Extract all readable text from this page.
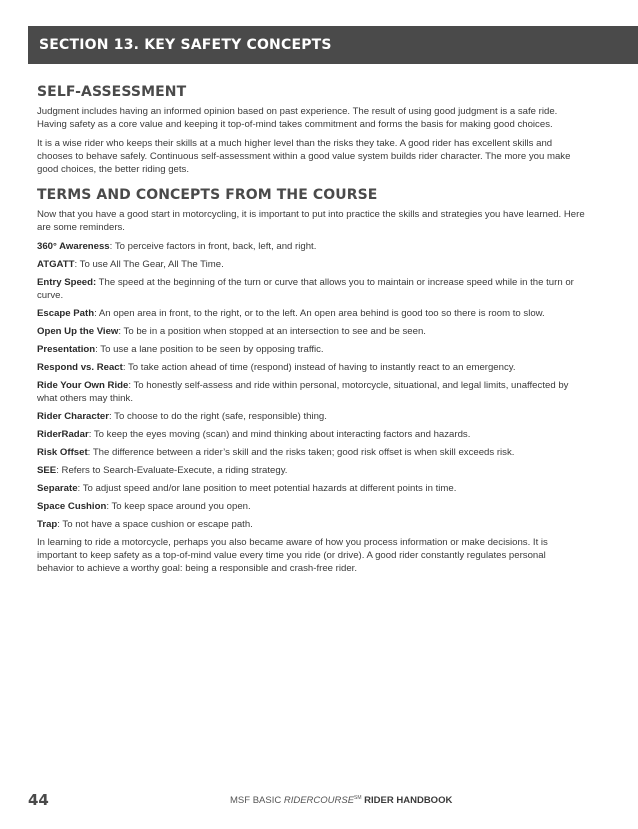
SECTION 13. KEY SAFETY CONCEPTS
SELF-ASSESSMENT

Judgment includes having an informed opinion based on past experience. The result of using good judgment is a safe ride. Having safety as a core value and keeping it top-of-mind takes commitment and forms the basis for making good choices.

It is a wise rider who keeps their skills at a much higher level than the risks they take. A good rider has excellent skills and chooses to behave safely. Continuous self-assessment within a good value system builds rider character. The more you make good choices, the better riding gets.

TERMS AND CONCEPTS FROM THE COURSE

Now that you have a good start in motorcycling, it is important to put into practice the skills and strategies you have learned. Here are some reminders.

360° Awareness: To perceive factors in front, back, left, and right.

ATGATT: To use All The Gear, All The Time.

Entry Speed: The speed at the beginning of the turn or curve that allows you to maintain or increase speed while in the turn or curve.

Escape Path: An open area in front, to the right, or to the left. An open area behind is good too so there is room to slow.

Open Up the View: To be in a position when stopped at an intersection to see and be seen.

Presentation: To use a lane position to be seen by opposing traffic.

Respond vs. React: To take action ahead of time (respond) instead of having to instantly react to an emergency.

Ride Your Own Ride: To honestly self-assess and ride within personal, motorcycle, situational, and legal limits, unaffected by what others may think.

Rider Character: To choose to do the right (safe, responsible) thing.

RiderRadar: To keep the eyes moving (scan) and mind thinking about interacting factors and hazards.

Risk Offset: The difference between a rider’s skill and the risks taken; good risk offset is when skill exceeds risk.

SEE: Refers to Search-Evaluate-Execute, a riding strategy.

Separate: To adjust speed and/or lane position to meet potential hazards at different points in time.

Space Cushion: To keep space around you open.

Trap: To not have a space cushion or escape path.

In learning to ride a motorcycle, perhaps you also became aware of how you process information or make decisions. It is important to keep safety as a top-of-mind value every time you ride (or drive). A good rider constantly regulates personal behavior to achieve a worthy goal: being a responsible and crash-free rider.

44	MSF BASIC RIDERCOURSE℠ RIDER HANDBOOK
